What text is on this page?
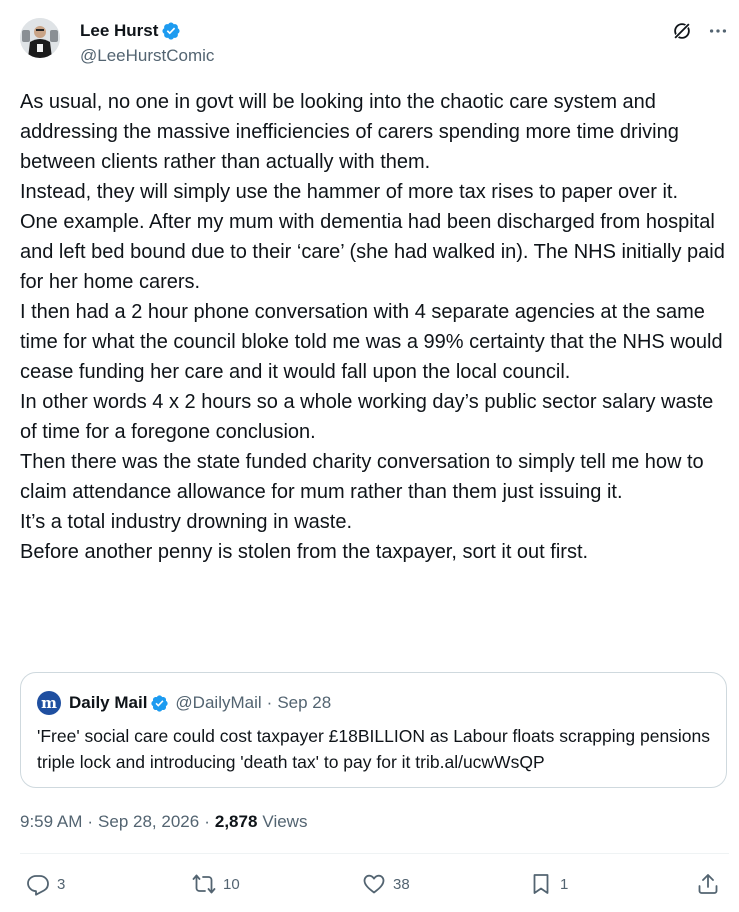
Lee Hurst
@LeeHurstComic

As usual, no one in govt will be looking into the chaotic care system and addressing the massive inefficiencies of carers spending more time driving between clients rather than actually with them.

Instead, they will simply use the hammer of more tax rises to paper over it.

One example. After my mum with dementia had been discharged from hospital and left bed bound due to their ‘care’ (she had walked in). The NHS initially paid for her home carers.

I then had a 2 hour phone conversation with 4 separate agencies at the same time for what the council bloke told me was a 99% certainty that the NHS would cease funding her care and it would fall upon the local council.

In other words 4 x 2 hours so a whole working day’s public sector salary waste of time for a foregone conclusion.

Then there was the state funded charity conversation to simply tell me how to claim attendance allowance for mum rather than them just issuing it.

It’s a total industry drowning in waste.

Before another penny is stolen from the taxpayer, sort it out first.

m Daily Mail @DailyMail · Sep 28
'Free' social care could cost taxpayer £18BILLION as Labour floats scrapping pensions triple lock and introducing 'death tax' to pay for it trib.al/ucwWsQP
9:59 AM · Sep 28, 2026 · 2,878 Views
3	10	38	1
